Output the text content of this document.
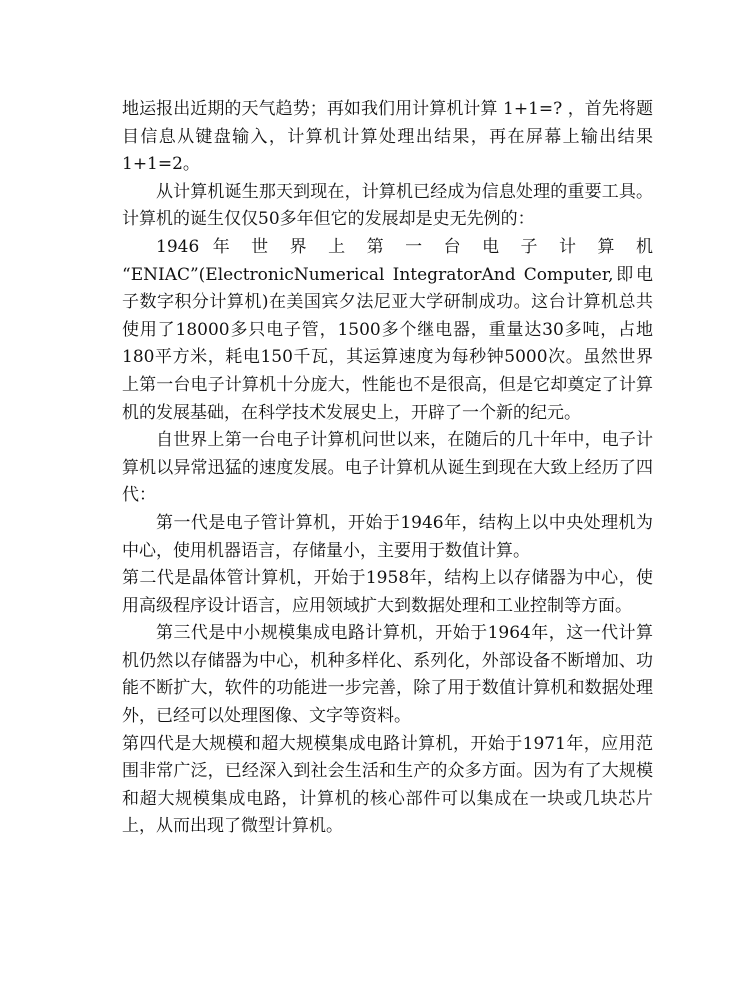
地运报出近期的天气趋势；再如我们用计算机计算 1+1=? ，首先将题目信息从键盘输入，计算机计算处理出结果，再在屏幕上输出结果 1+1=2。

从计算机诞生那天到现在，计算机已经成为信息处理的重要工具。计算机的诞生仅仅50多年但它的发展却是史无先例的：

1946 年 世 界 上 第 一 台 电 子 计 算 机

“ENIAC”(ElectronicNumerical IntegratorAnd Computer,即电子数字积分计算机)在美国宾夕法尼亚大学研制成功。这台计算机总共使用了18000多只电子管，1500多个继电器，重量达30多吨，占地180平方米，耗电150千瓦，其运算速度为每秒钟5000次。虽然世界上第一台电子计算机十分庞大，性能也不是很高，但是它却奠定了计算机的发展基础，在科学技术发展史上，开辟了一个新的纪元。

自世界上第一台电子计算机问世以来，在随后的几十年中，电子计算机以异常迅猛的速度发展。电子计算机从诞生到现在大致上经历了四代：

第一代是电子管计算机，开始于1946年，结构上以中央处理机为中心，使用机器语言，存储量小，主要用于数值计算。

第二代是晶体管计算机，开始于1958年，结构上以存储器为中心，使用高级程序设计语言，应用领域扩大到数据处理和工业控制等方面。

第三代是中小规模集成电路计算机，开始于1964年，这一代计算机仍然以存储器为中心，机种多样化、系列化，外部设备不断增加、功能不断扩大，软件的功能进一步完善，除了用于数值计算机和数据处理外，已经可以处理图像、文字等资料。

第四代是大规模和超大规模集成电路计算机，开始于1971年，应用范围非常广泛，已经深入到社会生活和生产的众多方面。因为有了大规模和超大规模集成电路，计算机的核心部件可以集成在一块或几块芯片上，从而出现了微型计算机。
